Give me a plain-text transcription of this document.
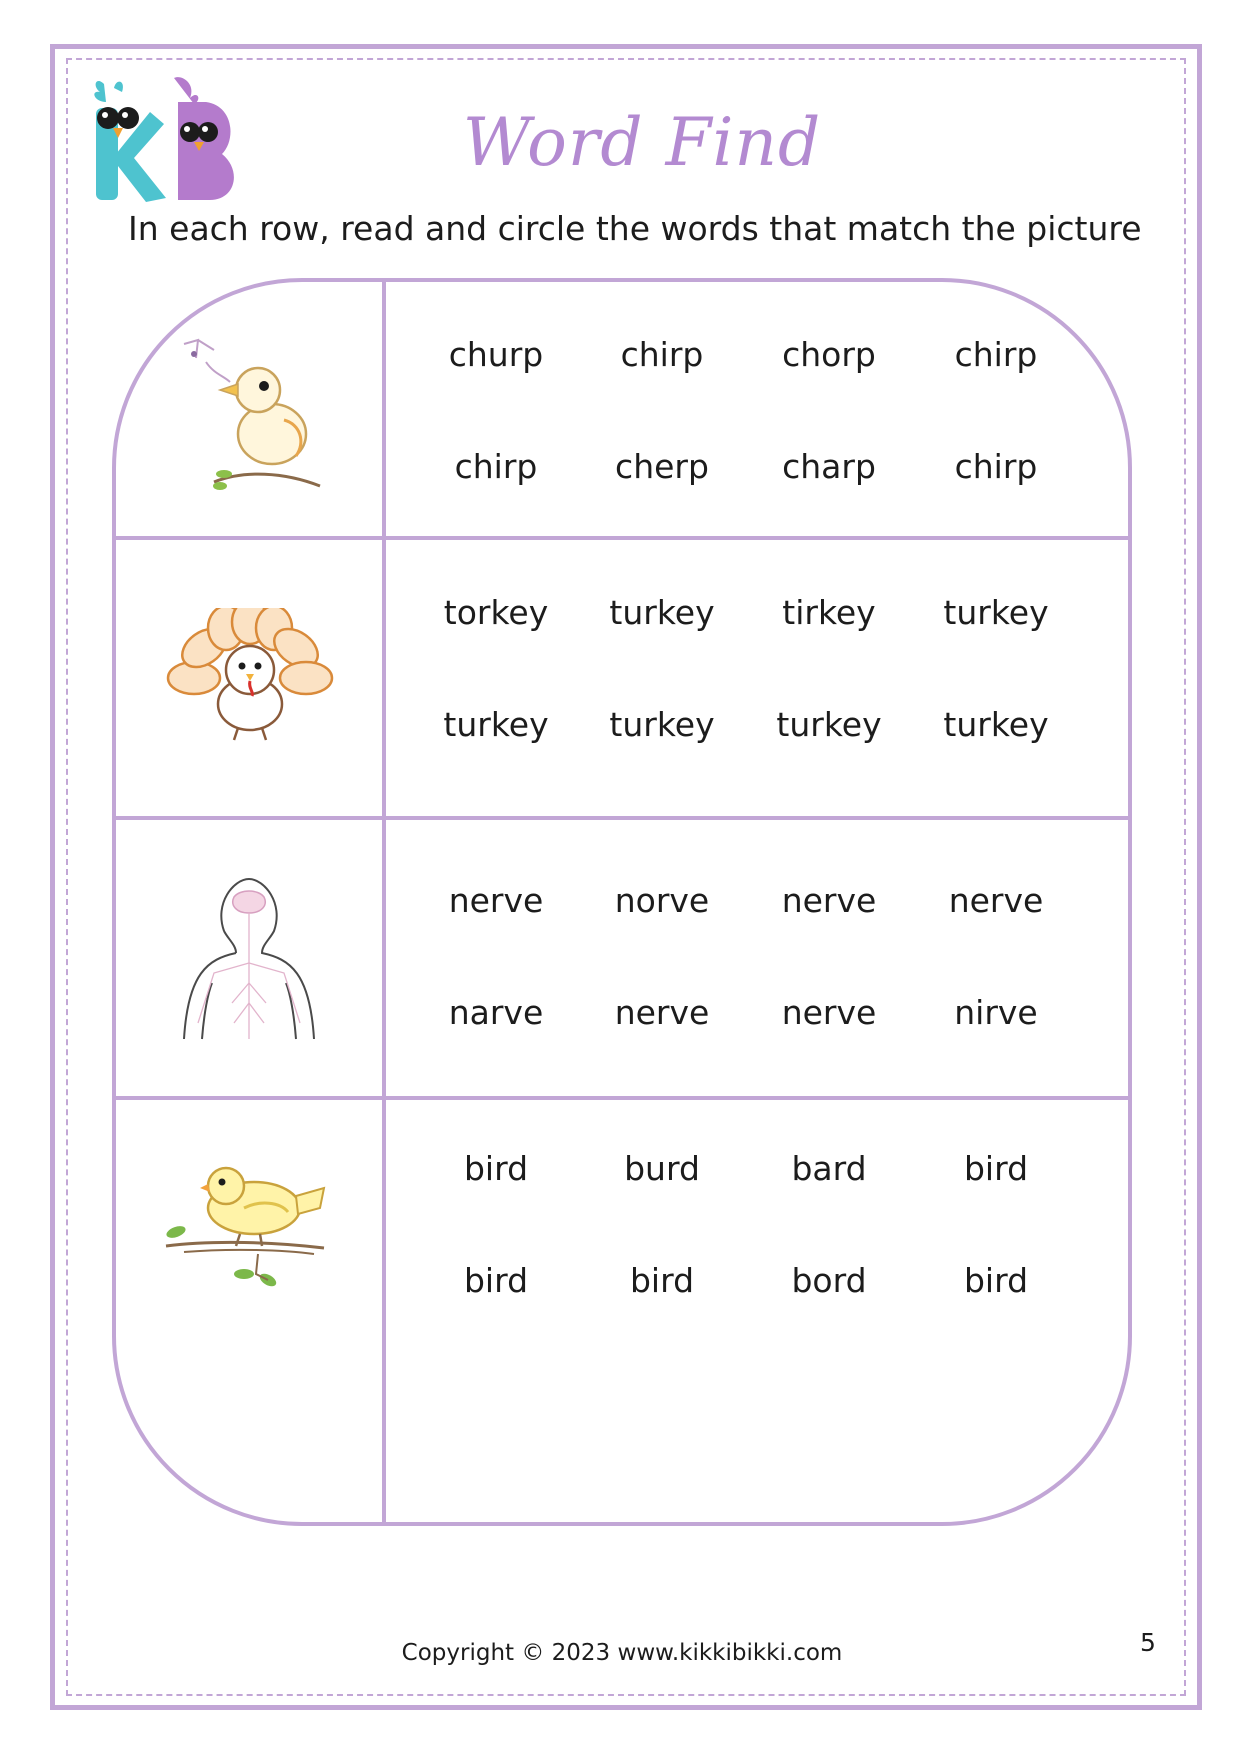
Word Find
In each row, read and circle the words that match the picture
churp	chirp	chorp	chirp
chirp	cherp	charp	chirp
torkey	turkey	tirkey	turkey
turkey	turkey	turkey	turkey
nerve	norve	nerve	nerve
narve	nerve	nerve	nirve
bird	burd	bard	bird
bird	bird	bord	bird
Copyright © 2023 www.kikkibikki.com	5
